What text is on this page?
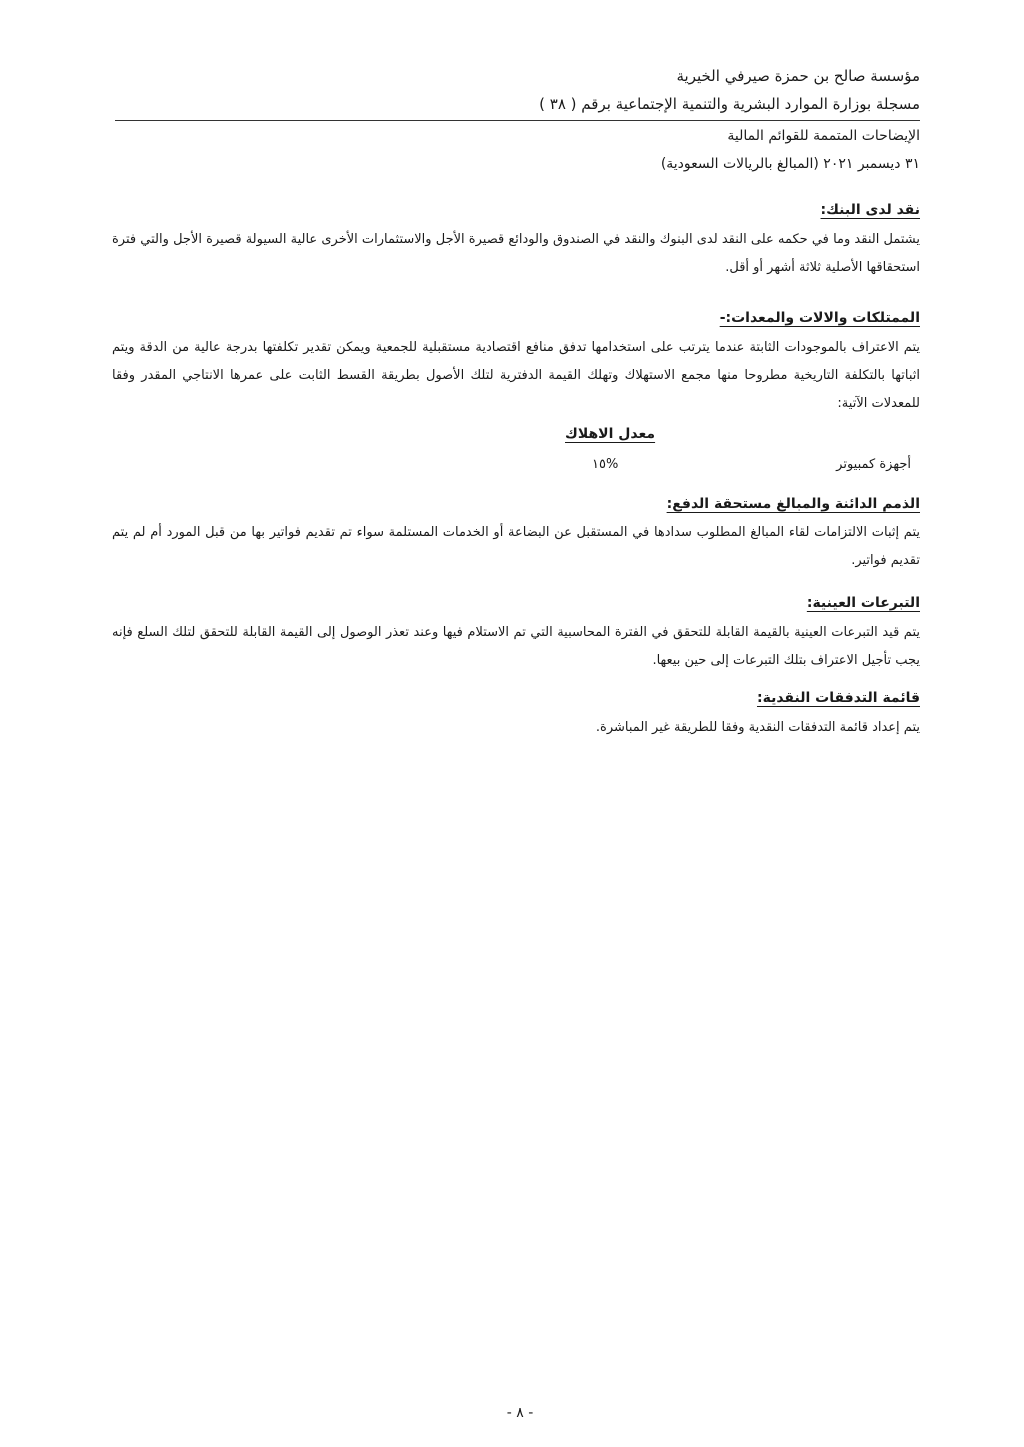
مؤسسة صالح بن حمزة صيرفي الخيرية
مسجلة بوزارة الموارد البشرية والتنمية الإجتماعية برقم ( ٣٨ )
الإيضاحات المتممة للقوائم المالية
٣١ ديسمبر ٢٠٢١ (المبالغ بالريالات السعودية)
نقد لدى البنك:
يشتمل النقد وما في حكمه على النقد لدى البنوك والنقد في الصندوق والودائع قصيرة الأجل والاستثمارات الأخرى عالية السيولة قصيرة الأجل والتي فترة استحقاقها الأصلية ثلاثة أشهر أو أقل.
الممتلكات والالات والمعدات:-
يتم الاعتراف بالموجودات الثابتة عندما يترتب على استخدامها تدفق منافع اقتصادية مستقبلية للجمعية ويمكن تقدير تكلفتها بدرجة عالية من الدقة ويتم اثباتها بالتكلفة التاريخية مطروحا منها مجمع الاستهلاك وتهلك القيمة الدفترية لتلك الأصول بطريقة القسط الثابت على عمرها الانتاجي المقدر وفقا للمعدلات الآتية:
معدل الاهلاك
أجهزة كمبيوتر
١٥%
الذمم الدائنة والمبالغ مستحقة الدفع:
يتم إثبات الالتزامات لقاء المبالغ المطلوب سدادها في المستقبل عن البضاعة أو الخدمات المستلمة سواء تم تقديم فواتير بها من قبل المورد أم لم يتم تقديم فواتير.
التبرعات العينية:
يتم قيد التبرعات العينية بالقيمة القابلة للتحقق في الفترة المحاسبية التي تم الاستلام فيها وعند تعذر الوصول إلى القيمة القابلة للتحقق لتلك السلع فإنه يجب تأجيل الاعتراف بتلك التبرعات إلى حين بيعها.
قائمة التدفقات النقدية:
يتم إعداد قائمة التدفقات النقدية وفقا للطريقة غير المباشرة.
- ٨ -
